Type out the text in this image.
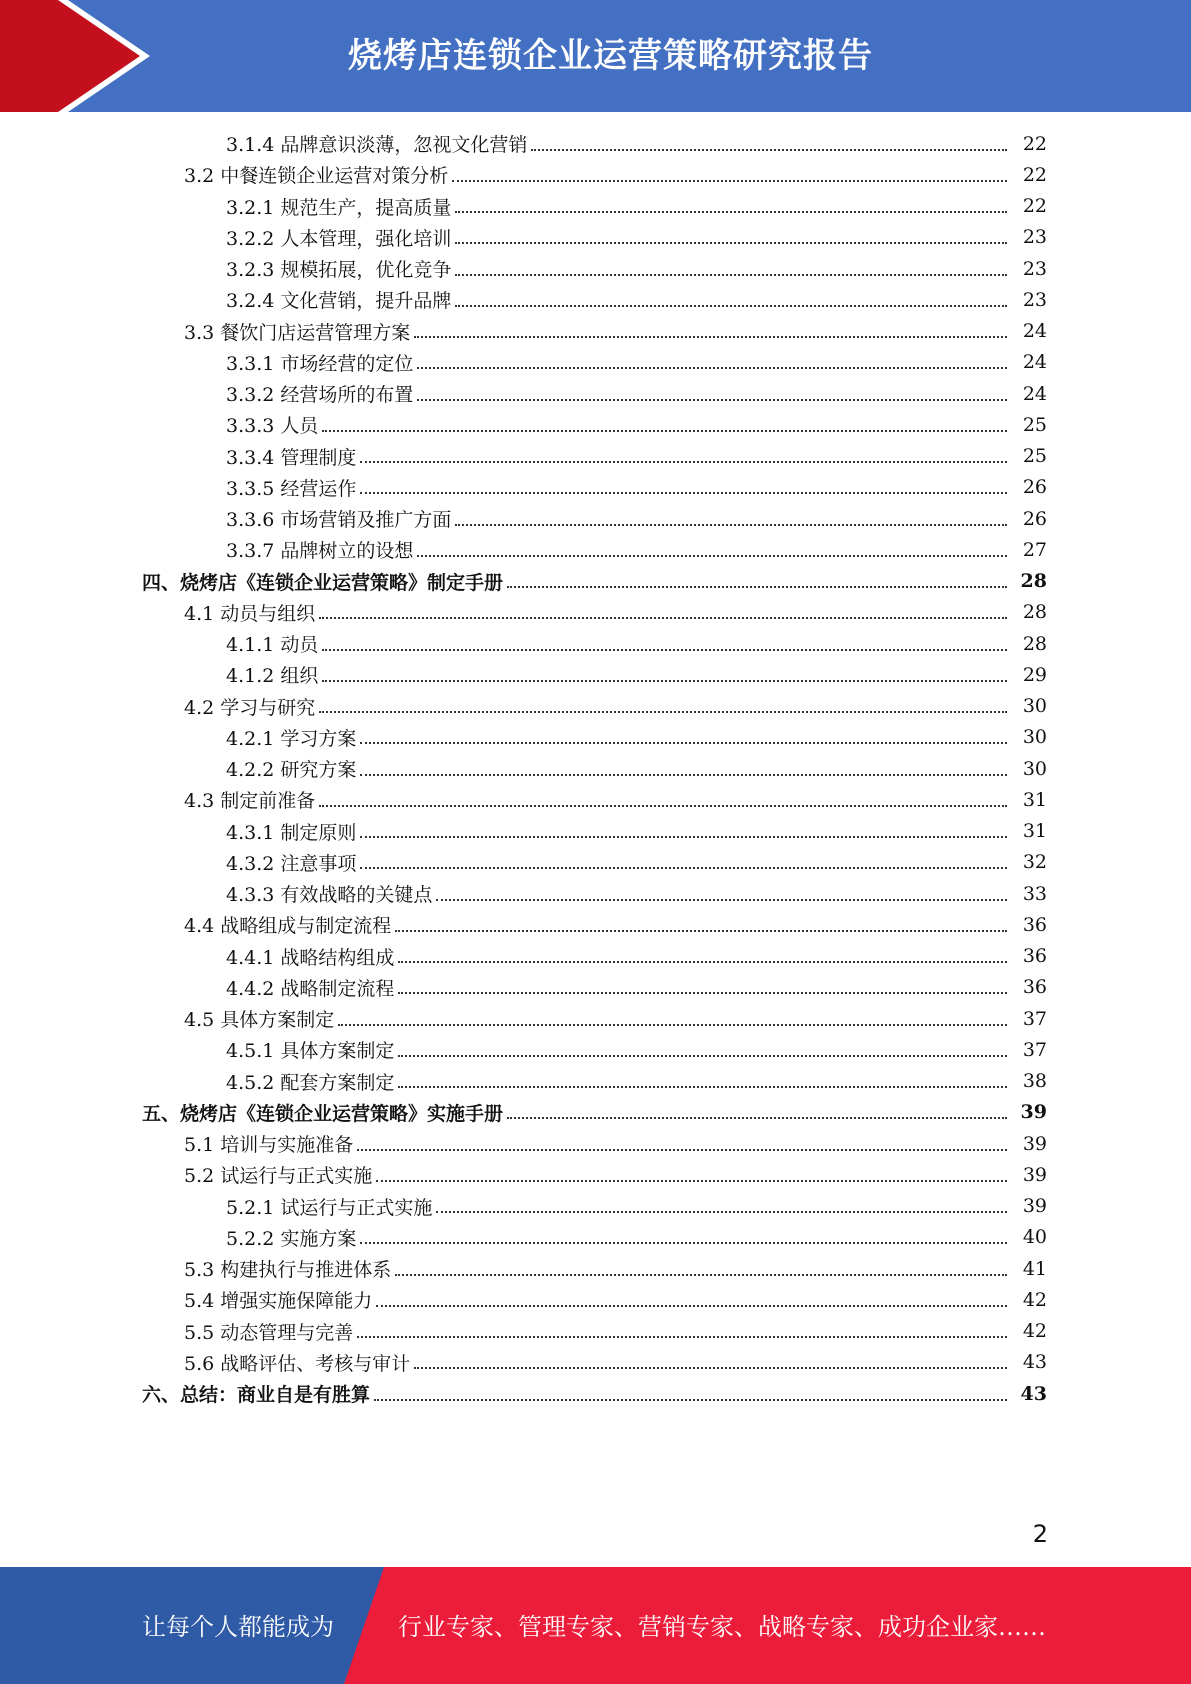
烧烤店连锁企业运营策略研究报告
3.1.4 品牌意识淡薄，忽视文化营销	22
3.2 中餐连锁企业运营对策分析	22
3.2.1 规范生产，提高质量	22
3.2.2 人本管理，强化培训	23
3.2.3 规模拓展，优化竞争	23
3.2.4 文化营销，提升品牌	23
3.3 餐饮门店运营管理方案	24
3.3.1 市场经营的定位	24
3.3.2 经营场所的布置	24
3.3.3 人员	25
3.3.4 管理制度	25
3.3.5 经营运作	26
3.3.6 市场营销及推广方面	26
3.3.7 品牌树立的设想	27
四、烧烤店《连锁企业运营策略》制定手册	28
4.1 动员与组织	28
4.1.1 动员	28
4.1.2 组织	29
4.2 学习与研究	30
4.2.1 学习方案	30
4.2.2 研究方案	30
4.3 制定前准备	31
4.3.1 制定原则	31
4.3.2 注意事项	32
4.3.3 有效战略的关键点	33
4.4 战略组成与制定流程	36
4.4.1 战略结构组成	36
4.4.2 战略制定流程	36
4.5 具体方案制定	37
4.5.1 具体方案制定	37
4.5.2 配套方案制定	38
五、烧烤店《连锁企业运营策略》实施手册	39
5.1 培训与实施准备	39
5.2 试运行与正式实施	39
5.2.1 试运行与正式实施	39
5.2.2 实施方案	40
5.3 构建执行与推进体系	41
5.4 增强实施保障能力	42
5.5 动态管理与完善	42
5.6 战略评估、考核与审计	43
六、总结：商业自是有胜算	43
2
让每个人都能成为	行业专家、管理专家、营销专家、战略专家、成功企业家……
